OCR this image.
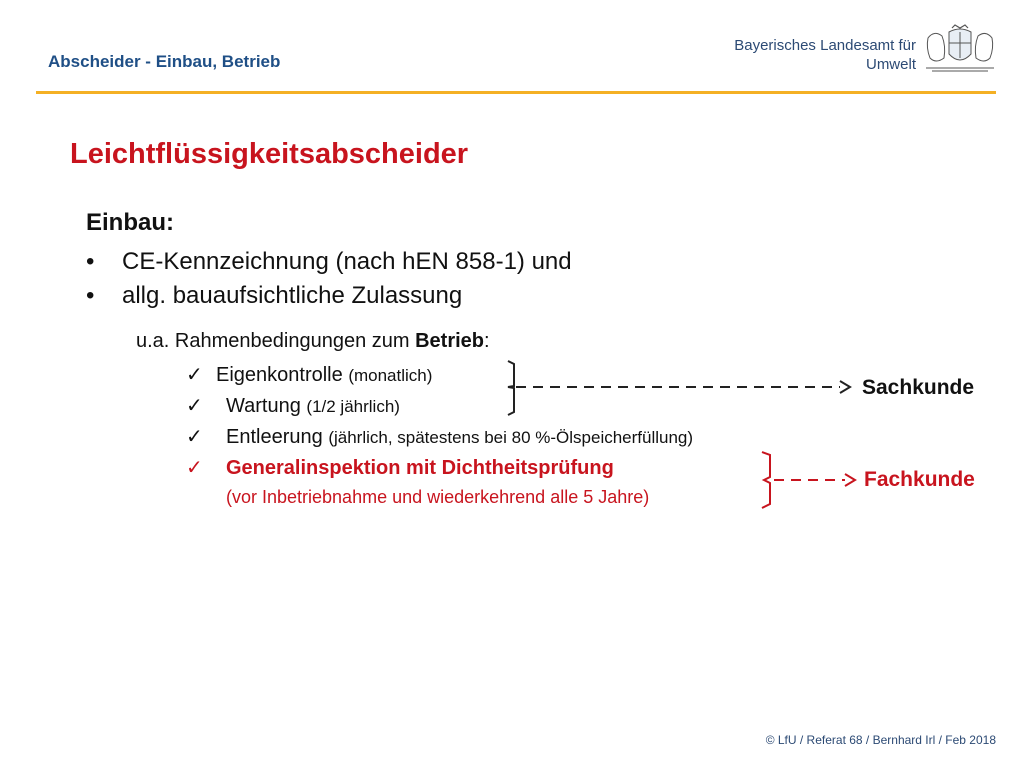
Abscheider - Einbau, Betrieb
Bayerisches Landesamt für
Umwelt
Leichtflüssigkeitsabscheider
Einbau:
• CE-Kennzeichnung (nach hEN 858-1) und
• allg. bauaufsichtliche Zulassung
u.a. Rahmenbedingungen zum Betrieb:
✓ Eigenkontrolle (monatlich)
✓ Wartung (1/2 jährlich)
✓ Entleerung (jährlich, spätestens bei 80 %-Ölspeicherfüllung)
✓ Generalinspektion mit Dichtheitsprüfung
(vor Inbetriebnahme und wiederkehrend alle 5 Jahre)
Sachkunde
Fachkunde
© LfU / Referat 68 / Bernhard Irl / Feb 2018
